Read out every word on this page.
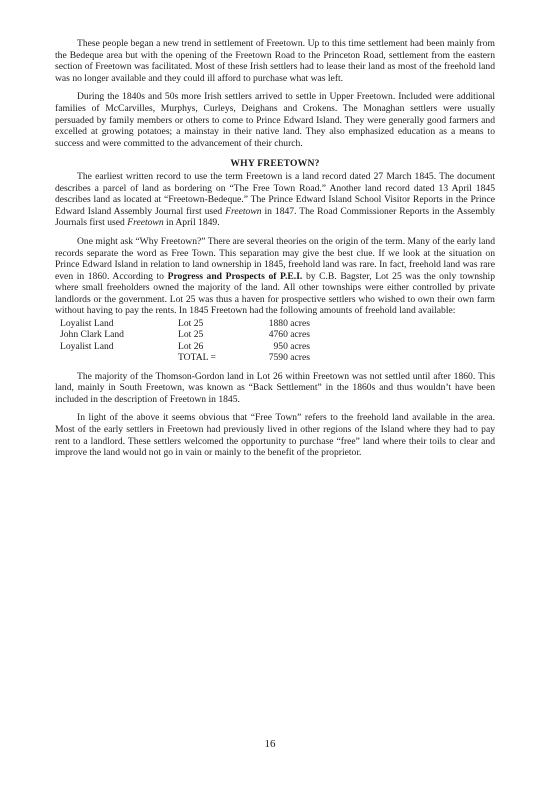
These people began a new trend in settlement of Freetown. Up to this time settlement had been mainly from the Bedeque area but with the opening of the Freetown Road to the Princeton Road, settlement from the eastern section of Freetown was facilitated. Most of these Irish settlers had to lease their land as most of the freehold land was no longer available and they could ill afford to purchase what was left.

During the 1840s and 50s more Irish settlers arrived to settle in Upper Freetown. Included were additional families of McCarvilles, Murphys, Curleys, Deighans and Crokens. The Monaghan settlers were usually persuaded by family members or others to come to Prince Edward Island. They were generally good farmers and excelled at growing potatoes; a mainstay in their native land. They also emphasized education as a means to success and were committed to the advancement of their church.

WHY FREETOWN?

The earliest written record to use the term Freetown is a land record dated 27 March 1845. The document describes a parcel of land as bordering on “The Free Town Road.” Another land record dated 13 April 1845 describes land as located at “Freetown-Bedeque.” The Prince Edward Island School Visitor Reports in the Prince Edward Island Assembly Journal first used Freetown in 1847. The Road Commissioner Reports in the Assembly Journals first used Freetown in April 1849.

One might ask “Why Freetown?” There are several theories on the origin of the term. Many of the early land records separate the word as Free Town. This separation may give the best clue. If we look at the situation on Prince Edward Island in relation to land ownership in 1845, freehold land was rare. In fact, freehold land was rare even in 1860. According to Progress and Prospects of P.E.I. by C.B. Bagster, Lot 25 was the only township where small freeholders owned the majority of the land. All other townships were either controlled by private landlords or the government. Lot 25 was thus a haven for prospective settlers who wished to own their own farm without having to pay the rents. In 1845 Freetown had the following amounts of freehold land available:

Loyalist Land	Lot 25	1880 acres
John Clark Land	Lot 25	4760 acres
Loyalist Land	Lot 26	950 acres
	TOTAL =	7590 acres

The majority of the Thomson-Gordon land in Lot 26 within Freetown was not settled until after 1860. This land, mainly in South Freetown, was known as “Back Settlement” in the 1860s and thus wouldn’t have been included in the description of Freetown in 1845.

In light of the above it seems obvious that “Free Town” refers to the freehold land available in the area. Most of the early settlers in Freetown had previously lived in other regions of the Island where they had to pay rent to a landlord. These settlers welcomed the opportunity to purchase “free” land where their toils to clear and improve the land would not go in vain or mainly to the benefit of the proprietor.

16
